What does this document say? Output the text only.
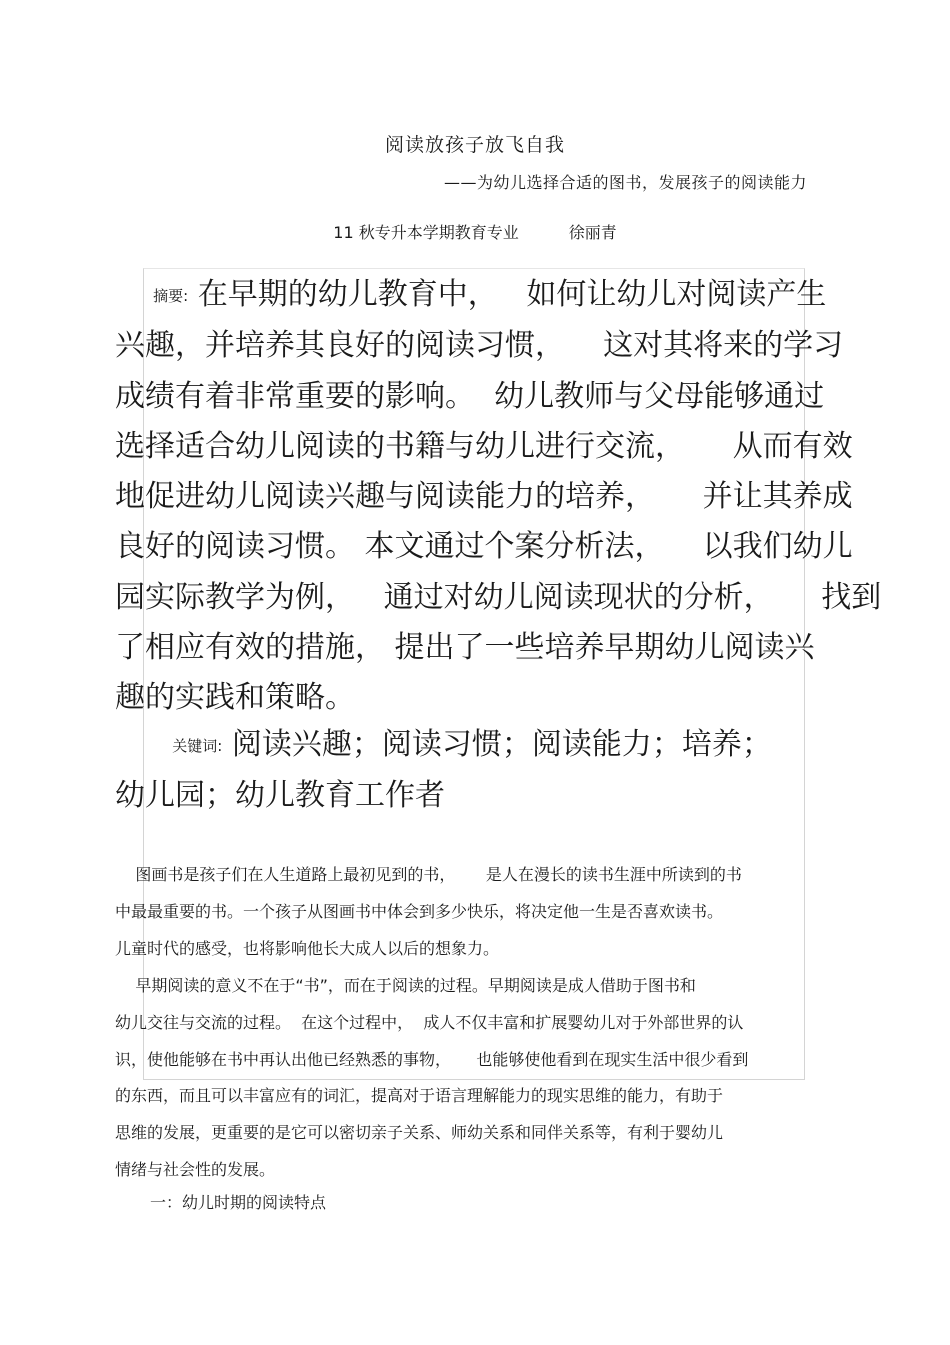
阅读放孩子放飞自我
——为幼儿选择合适的图书，发展孩子的阅读能力
11 秋专升本学期教育专业	徐丽青
摘要: 在早期的幼儿教育中，   如何让幼儿对阅读产生
兴趣，并培养其良好的阅读习惯，    这对其将来的学习
成绩有着非常重要的影响。  幼儿教师与父母能够通过
选择适合幼儿阅读的书籍与幼儿进行交流，     从而有效
地促进幼儿阅读兴趣与阅读能力的培养，     并让其养成
良好的阅读习惯。 本文通过个案分析法，    以我们幼儿
园实际教学为例，   通过对幼儿阅读现状的分析，     找到
了相应有效的措施， 提出了一些培养早期幼儿阅读兴
趣的实践和策略。
关键词: 阅读兴趣；阅读习惯；阅读能力；培养；
幼儿园；幼儿教育工作者
图画书是孩子们在人生道路上最初见到的书，      是人在漫长的读书生涯中所读到的书
中最最重要的书。一个孩子从图画书中体会到多少快乐，将决定他一生是否喜欢读书。
儿童时代的感受，也将影响他长大成人以后的想象力。
早期阅读的意义不在于“书”，而在于阅读的过程。早期阅读是成人借助于图书和
幼儿交往与交流的过程。  在这个过程中，  成人不仅丰富和扩展婴幼儿对于外部世界的认
识，使他能够在书中再认出他已经熟悉的事物，     也能够使他看到在现实生活中很少看到
的东西，而且可以丰富应有的词汇，提高对于语言理解能力的现实思维的能力，有助于
思维的发展，更重要的是它可以密切亲子关系、师幼关系和同伴关系等，有利于婴幼儿
情绪与社会性的发展。
一：幼儿时期的阅读特点
